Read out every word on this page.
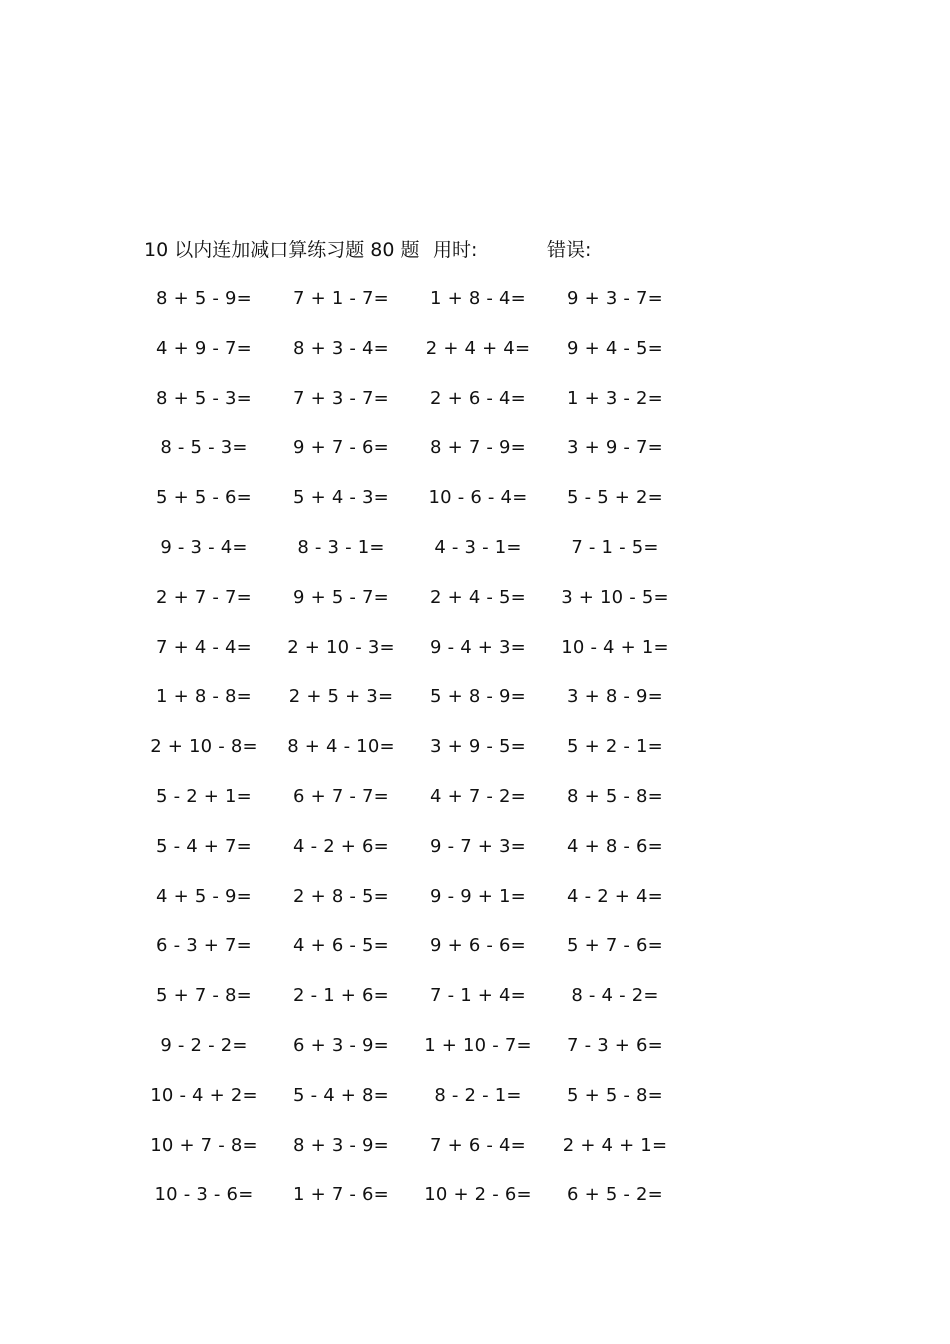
10 以内连加减口算练习题 80 题 用时:	错误:
8 + 5 - 9= 7 + 1 - 7= 1 + 8 - 4= 9 + 3 - 7=
4 + 9 - 7= 8 + 3 - 4= 2 + 4 + 4= 9 + 4 - 5=
8 + 5 - 3= 7 + 3 - 7= 2 + 6 - 4= 1 + 3 - 2=
8 - 5 - 3=	9 + 7 - 6= 8 + 7 - 9= 3 + 9 - 7=
5 + 5 - 6= 5 + 4 - 3= 10 - 6 - 4= 5 - 5 + 2=
9 - 3 - 4=	8 - 3 - 1=	4 - 3 - 1=	7 - 1 - 5=
2 + 7 - 7= 9 + 5 - 7= 2 + 4 - 5= 3 + 10 - 5=
7 + 4 - 4= 2 + 10 - 3= 9 - 4 + 3= 10 - 4 + 1=
1 + 8 - 8= 2 + 5 + 3= 5 + 8 - 9= 3 + 8 - 9=
2 + 10 - 8= 8 + 4 - 10= 3 + 9 - 5= 5 + 2 - 1=
5 - 2 + 1= 6 + 7 - 7= 4 + 7 - 2= 8 + 5 - 8=
5 - 4 + 7= 4 - 2 + 6= 9 - 7 + 3= 4 + 8 - 6=
4 + 5 - 9= 2 + 8 - 5= 9 - 9 + 1= 4 - 2 + 4=
6 - 3 + 7= 4 + 6 - 5= 9 + 6 - 6= 5 + 7 - 6=
5 + 7 - 8= 2 - 1 + 6= 7 - 1 + 4=	8 - 4 - 2=
9 - 2 - 2=	6 + 3 - 9= 1 + 10 - 7= 7 - 3 + 6=
10 - 4 + 2= 5 - 4 + 8=	8 - 2 - 1=	5 + 5 - 8=
10 + 7 - 8= 8 + 3 - 9= 7 + 6 - 4= 2 + 4 + 1=
10 - 3 - 6= 1 + 7 - 6= 10 + 2 - 6= 6 + 5 - 2=
